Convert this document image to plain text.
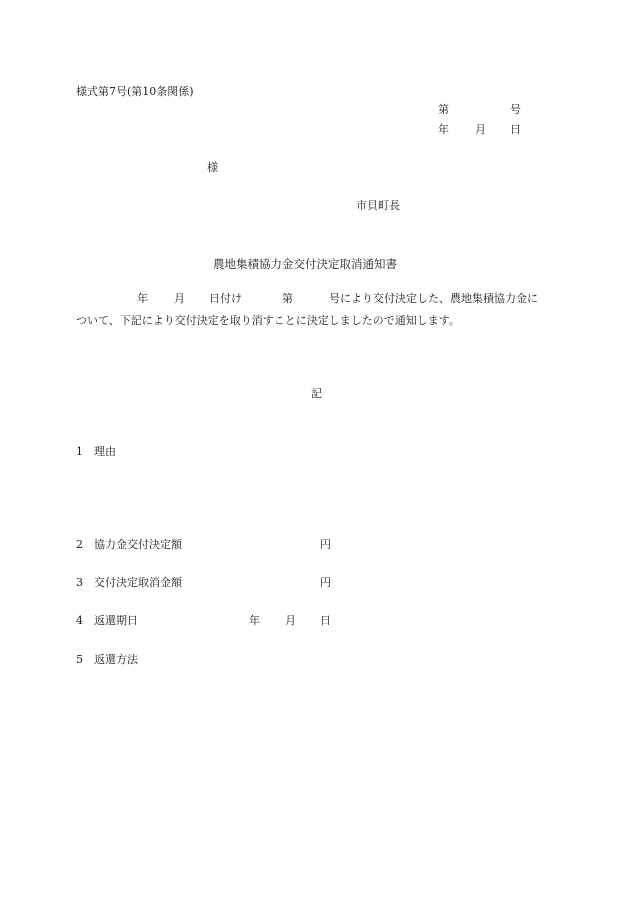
様式第7号(第10条関係)
第	号
年 月 日
様
市貝町長
農地集積協力金交付決定取消通知書
年 月 日付け	第	号により交付決定した、農地集積協力金に
ついて、下記により交付決定を取り消すことに決定しましたので通知します。
記
1 理由
2 協力金交付決定額	円
3 交付決定取消金額	円
4 返還期日	年 月 日
5 返還方法
